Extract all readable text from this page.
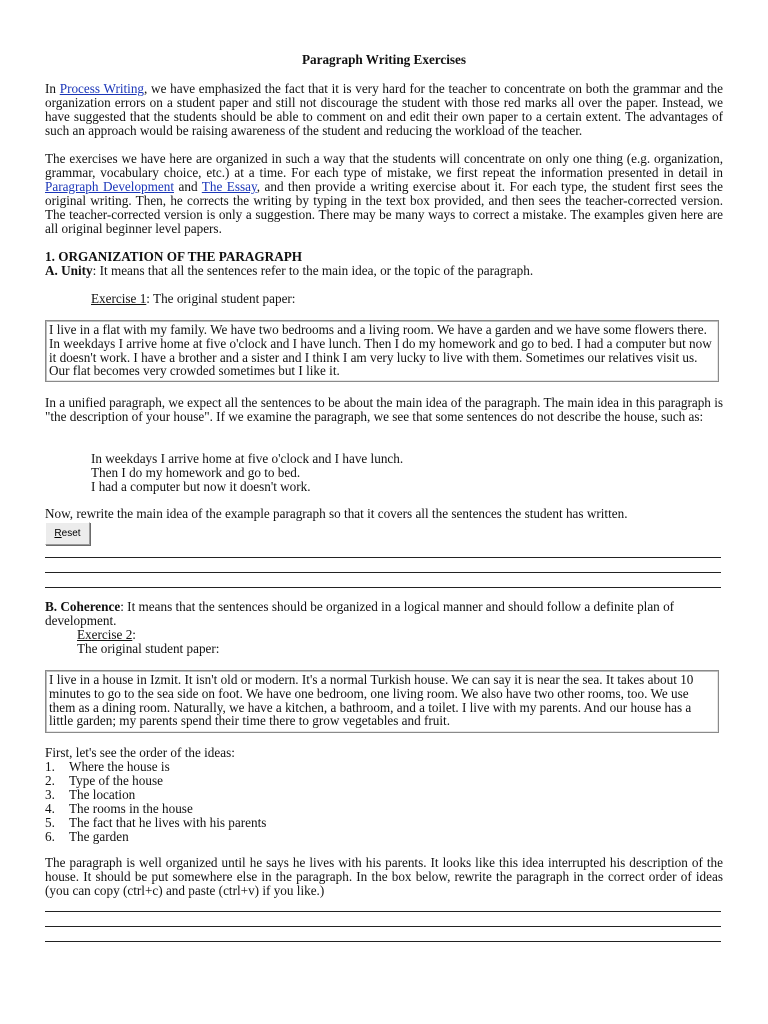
Paragraph Writing Exercises

In Process Writing, we have emphasized the fact that it is very hard for the teacher to concentrate on both the grammar and the organization errors on a student paper and still not discourage the student with those red marks all over the paper. Instead, we have suggested that the students should be able to comment on and edit their own paper to a certain extent. The advantages of such an approach would be raising awareness of the student and reducing the workload of the teacher.

The exercises we have here are organized in such a way that the students will concentrate on only one thing (e.g. organization, grammar, vocabulary choice, etc.) at a time. For each type of mistake, we first repeat the information presented in detail in Paragraph Development and The Essay, and then provide a writing exercise about it. For each type, the student first sees the original writing. Then, he corrects the writing by typing in the text box provided, and then sees the teacher-corrected version. The teacher-corrected version is only a suggestion. There may be many ways to correct a mistake. The examples given here are all original beginner level papers.

1. ORGANIZATION OF THE PARAGRAPH

A. Unity: It means that all the sentences refer to the main idea, or the topic of the paragraph.

Exercise 1: The original student paper:

I live in a flat with my family. We have two bedrooms and a living room. We have a garden and we have some flowers there. In weekdays I arrive home at five o'clock and I have lunch. Then I do my homework and go to bed. I had a computer but now it doesn't work. I have a brother and a sister and I think I am very lucky to live with them. Sometimes our relatives visit us. Our flat becomes very crowded sometimes but I like it.

In a unified paragraph, we expect all the sentences to be about the main idea of the paragraph. The main idea in this paragraph is "the description of your house". If we examine the paragraph, we see that some sentences do not describe the house, such as:

In weekdays I arrive home at five o'clock and I have lunch.
Then I do my homework and go to bed.
I had a computer but now it doesn't work.

Now, rewrite the main idea of the example paragraph so that it covers all the sentences the student has written.

Reset

B. Coherence: It means that the sentences should be organized in a logical manner and should follow a definite plan of development.

Exercise 2:

The original student paper:

I live in a house in Izmit. It isn't old or modern. It's a normal Turkish house. We can say it is near the sea. It takes about 10 minutes to go to the sea side on foot. We have one bedroom, one living room. We also have two other rooms, too. We use them as a dining room. Naturally, we have a kitchen, a bathroom, and a toilet. I live with my parents. And our house has a little garden; my parents spend their time there to grow vegetables and fruit.

First, let's see the order of the ideas:

1. Where the house is
2. Type of the house
3. The location
4. The rooms in the house
5. The fact that he lives with his parents
6. The garden

The paragraph is well organized until he says he lives with his parents. It looks like this idea interrupted his description of the house. It should be put somewhere else in the paragraph. In the box below, rewrite the paragraph in the correct order of ideas (you can copy (ctrl+c) and paste (ctrl+v) if you like.)
